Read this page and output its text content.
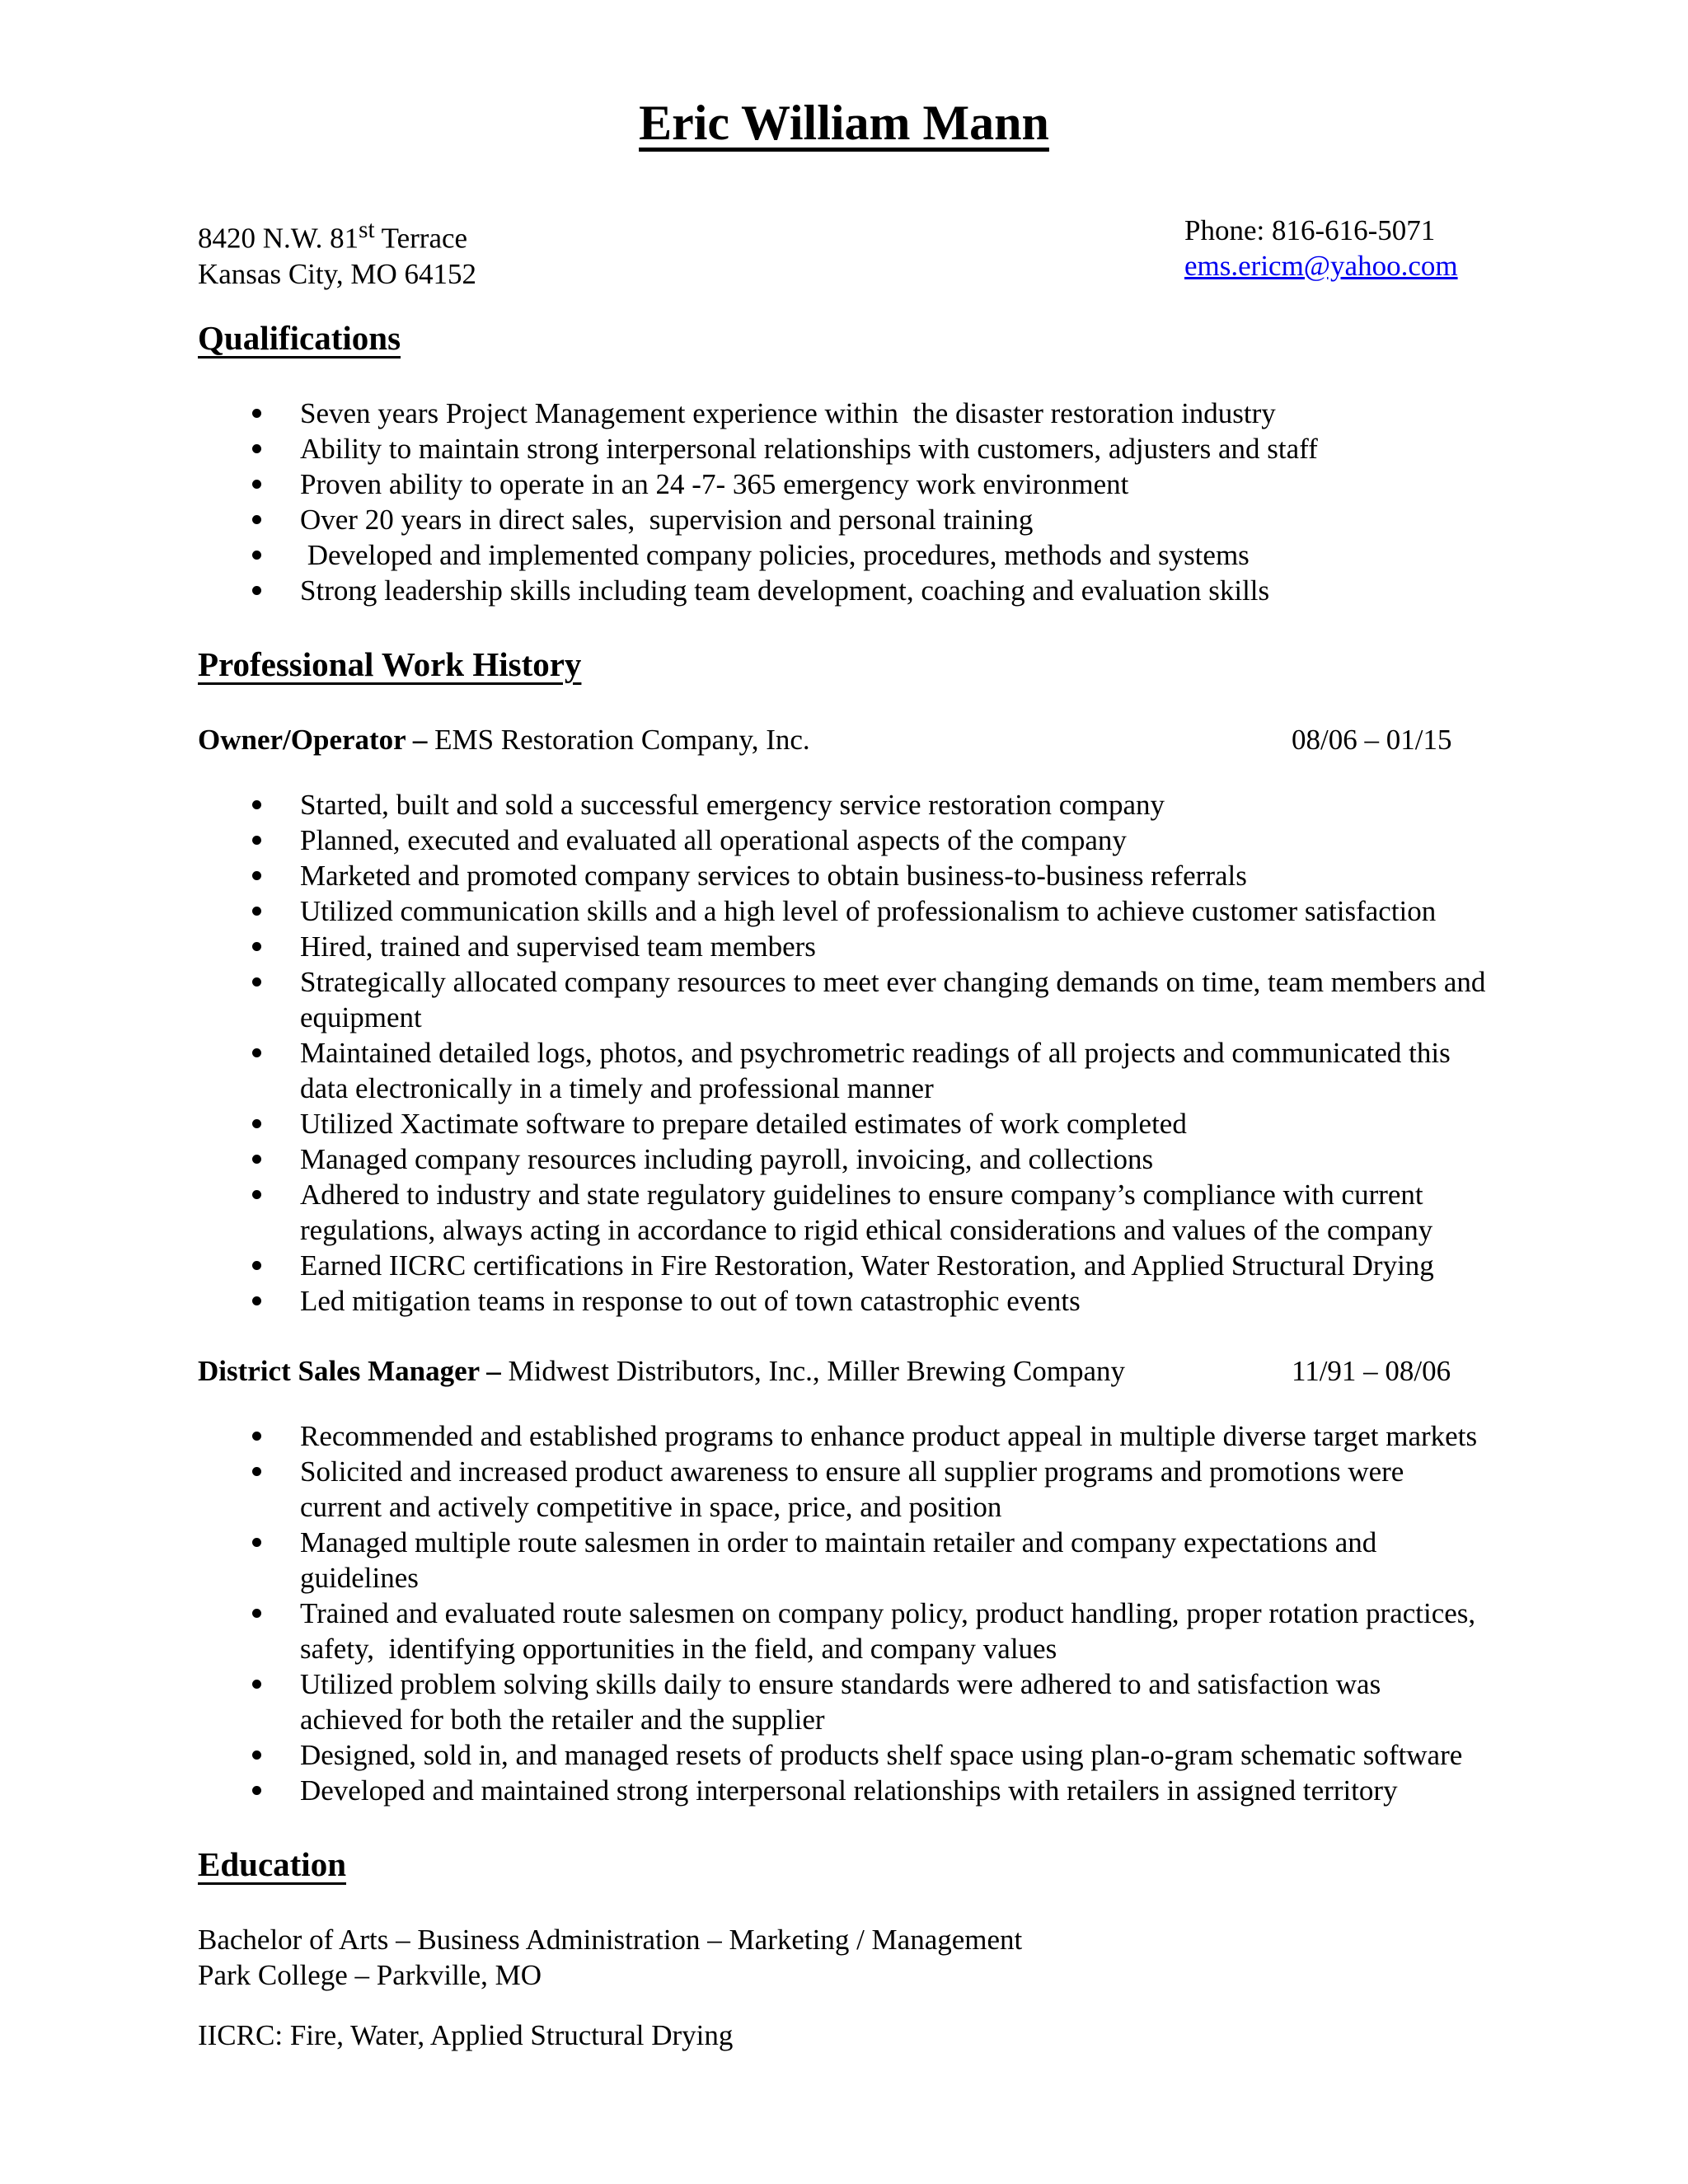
Eric William Mann
8420 N.W. 81st Terrace
Kansas City, MO 64152
Phone: 816-616-5071
ems.ericm@yahoo.com
Qualifications
Seven years Project Management experience within  the disaster restoration industry
Ability to maintain strong interpersonal relationships with customers, adjusters and staff
Proven ability to operate in an 24 -7- 365 emergency work environment
Over 20 years in direct sales,  supervision and personal training
Developed and implemented company policies, procedures, methods and systems
Strong leadership skills including team development, coaching and evaluation skills
Professional Work History
Owner/Operator – EMS Restoration Company, Inc.	08/06 – 01/15
Started, built and sold a successful emergency service restoration company
Planned, executed and evaluated all operational aspects of the company
Marketed and promoted company services to obtain business-to-business referrals
Utilized communication skills and a high level of professionalism to achieve customer satisfaction
Hired, trained and supervised team members
Strategically allocated company resources to meet ever changing demands on time, team members and equipment
Maintained detailed logs, photos, and psychrometric readings of all projects and communicated this data electronically in a timely and professional manner
Utilized Xactimate software to prepare detailed estimates of work completed
Managed company resources including payroll, invoicing, and collections
Adhered to industry and state regulatory guidelines to ensure company’s compliance with current regulations, always acting in accordance to rigid ethical considerations and values of the company
Earned IICRC certifications in Fire Restoration, Water Restoration, and Applied Structural Drying
Led mitigation teams in response to out of town catastrophic events
District Sales Manager – Midwest Distributors, Inc., Miller Brewing Company	11/91 – 08/06
Recommended and established programs to enhance product appeal in multiple diverse target markets
Solicited and increased product awareness to ensure all supplier programs and promotions were current and actively competitive in space, price, and position
Managed multiple route salesmen in order to maintain retailer and company expectations and guidelines
Trained and evaluated route salesmen on company policy, product handling, proper rotation practices, safety,  identifying opportunities in the field, and company values
Utilized problem solving skills daily to ensure standards were adhered to and satisfaction was achieved for both the retailer and the supplier
Designed, sold in, and managed resets of products shelf space using plan-o-gram schematic software
Developed and maintained strong interpersonal relationships with retailers in assigned territory
Education
Bachelor of Arts – Business Administration – Marketing / Management
Park College – Parkville, MO
IICRC: Fire, Water, Applied Structural Drying
